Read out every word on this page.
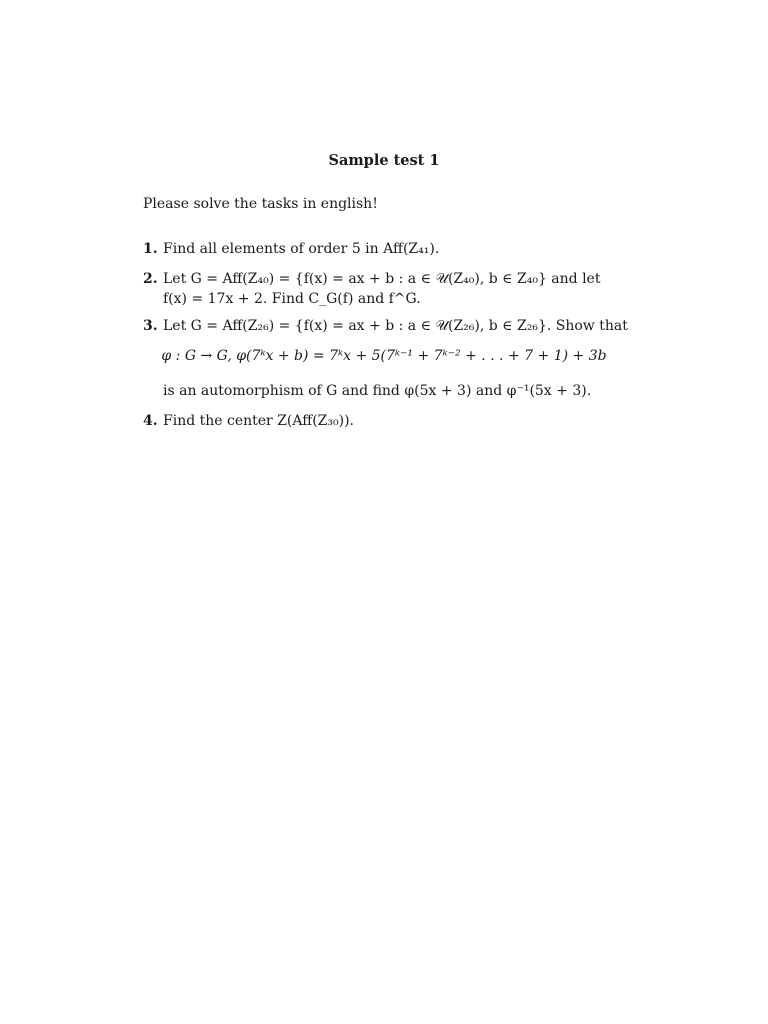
Sample test 1
Please solve the tasks in english!
1. Find all elements of order 5 in Aff(Z₄₁).
2. Let G = Aff(Z₄₀) = {f(x) = ax + b : a ∈ 𝒰(Z₄₀), b ∈ Z₄₀} and let
f(x) = 17x + 2. Find C_G(f) and f^G.
3. Let G = Aff(Z₂₆) = {f(x) = ax + b : a ∈ 𝒰(Z₂₆), b ∈ Z₂₆}. Show that
φ : G → G, φ(7ᵏx + b) = 7ᵏx + 5(7ᵏ⁻¹ + 7ᵏ⁻² + . . . + 7 + 1) + 3b
is an automorphism of G and find φ(5x + 3) and φ⁻¹(5x + 3).
4. Find the center Z(Aff(Z₃₀)).
